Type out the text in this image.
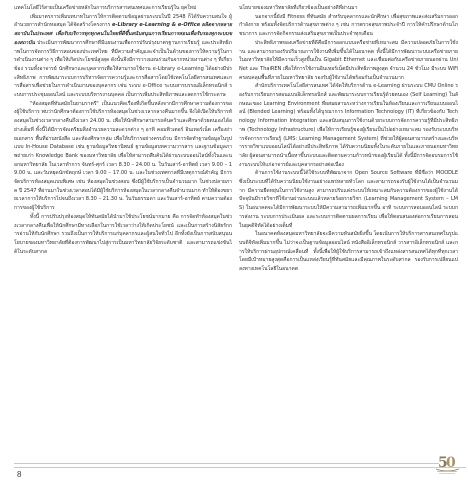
แทคโนโลยีไร้สายเป็นเครือข่ายหลักในการบริการสารสนเทศและการเรียนรู้ใน ยุคใหม่

เพิ่มมาตรการเพิ่มบทบาทในการให้การติดตามข้อมูลผ่านระบบในปี 2548 ก็ได้รับความสนใจ ผู้อำนวยการสำนักหอสมุด ได้จัดสร้างโครงการ e-Library e-Learning & e-Office ผลิตจากหลายสถาบันในประเทศ เพื่อรับบริการทุกทุกคนในไทยที่ดีขึ้นสนับสนุนการเรียนการสอนเพื่อรับรองทุกระบบของสถาบัน ประเมินการพัฒนาการศึกษาที่มีแผนงานเพื่อการปรับปรุงมาตรฐานการเรียนรู้ และประสิทธิภาพในการจัดการวิธีการสอนของประเทศไทย ที่มีความสำคัญและจำเป็นในด้านของการให้ความรู้ในการดำเนินงานต่าง ๆ เพื่อให้เกิดประโยชน์สูงสุด ดังนั้นจึงมีการวางแผนร่วมกันจากหน่วยงานต่าง ๆ ที่เกี่ยวข้อง รวมทั้งอาจารย์ นักศึกษาและบุคลากรเพื่อให้สามารถใช้งาน e-Library e-Learning ได้อย่างมีประสิทธิภาพ การพัฒนาระบบการบริหารจัดการความรู้และการสื่อสารโดยใช้เทคโนโลยีสารสนเทศและการสื่อสารเพื่อช่วยในการดำเนินงานของบุคลากร เช่น ระบบ e-Office ระบบสารบรรณอิเล็กทรอนิกส์ ระบบการประชุมออนไลน์ และระบบบริหารงานบุคคล เป็นการเพิ่มประสิทธิภาพและลดการใช้กระดาษ

"ห้องสมุดที่ทันสมัยในยามราตรี" เป็นแนวคิดเรื่องที่เกิดขึ้นหลังจากมีการศึกษาความต้องการของผู้ใช้บริการ พบว่านักศึกษาต้องการใช้บริการห้องสมุดในช่วงเวลากลางคืนมากขึ้น จึงได้เปิดให้บริการห้องสมุดในช่วงเวลากลางคืนถึงเวลา 24.00 น. เพื่อให้นักศึกษาสามารถค้นคว้าและศึกษาด้วยตนเองได้อย่างเต็มที่ ทั้งนี้ได้มีการจัดเตรียมสิ่งอำนวยความสะดวกต่าง ๆ อาทิ คอมพิวเตอร์ อินเทอร์เน็ต เครื่องถ่ายเอกสาร พื้นที่อ่านหนังสือ และห้องศึกษากลุ่ม เพื่อให้บริการอย่างครบถ้วน มีการจัดทำฐานข้อมูลในรูปแบบ In-House Database เช่น ฐานข้อมูลวิทยานิพนธ์ ฐานข้อมูลบทความวารสาร และฐานข้อมูลภาพถ่ายเก่า Knowledge Bank ของมหาวิทยาลัย เพื่อให้สามารถสืบค้นได้ผ่านระบบออนไลน์ทั้งในและนอกมหาวิทยาลัย ในเวลาทำการ จันทร์-ศุกร์ เวลา 8.30 – 24.00 น. ในวันเสาร์-อาทิตย์ เวลา 9.00 – 19.00 น. และวันหยุดนักขัตฤกษ์ เวลา 9.00 – 17.00 น. และในช่วงเทศกาลที่มีเหตุการณ์สำคัญ มีการจัดบริการห้องสมุดแบบพิเศษ เช่น ห้องสมุดในช่วงสอบ ซึ่งมีผู้ใช้บริการเป็นจำนวนมาก ในช่วงปลายภาค ปี 2547 ที่ผ่านมาในช่วงเวลาสอบได้มีผู้ใช้บริการห้องสมุดในเวลากลางคืนจำนวนมาก ทำให้ต้องขยายเวลาการให้บริการไปจนถึงเวลา 8.30 – 21.30 น. ในวันธรรมดา และวันเสาร์-อาทิตย์ ตามความต้องการของผู้ใช้บริการ

ทั้งนี้ การปรับปรุงห้องสมุดให้ทันสมัยได้นำมาใช้ประโยชน์มากมาย คือ การจัดทำห้องสมุดในช่วงเวลากลางคืนเพื่อให้นักศึกษามีทางเลือกในการใช้เวลาว่างให้เกิดประโยชน์ และเป็นการสร้างนิสัยรักการอ่านให้กับนักศึกษา รวมถึงเป็นการให้บริการแก่บุคลากรและผู้สนใจทั่วไป อีกทั้งยังเป็นการสนับสนุนนโยบายของมหาวิทยาลัยที่ต้องการพัฒนาไปสู่การเป็นมหาวิทยาลัยวิจัยระดับชาติ และสามารถแข่งขันได้ในระดับสากล

นโยบายของมหาวิทยาลัยที่เกี่ยวข้องเป็นอย่างดีที่ผ่านมา

นอกจากนี้ยังมี Fitness ที่ทันสมัย สำหรับบุคลากรและนักศึกษา เพื่อสุขภาพและส่งเสริมการออกกำลังกาย พร้อมทั้งจัดบริการด้านสุขภาพต่าง ๆ เช่น การตรวจสุขภาพประจำปี การให้คำปรึกษาด้านโภชนาการ และการจัดกิจกรรมส่งเสริมสุขภาพเป็นประจำทุกเดือน

ประสิทธิภาพของเครือข่ายที่ดีคือมีการออกแบบเครือข่ายที่เหมาะสม มีความปลอดภัยในการใช้งาน และสามารถรองรับปริมาณการใช้งานที่เพิ่มขึ้นได้ในอนาคต ทั้งนี้ได้มีการพัฒนาระบบเครือข่ายภายในมหาวิทยาลัยให้มีความเร็วสูงขึ้นเป็น Gigabit Ethernet และเชื่อมต่อกับเครือข่ายภายนอกผ่าน UniNet และ ThaiREN เพื่อให้การใช้งานอินเทอร์เน็ตมีประสิทธิภาพสูงสุด จำนวน 24 ชั่วโมง มีระบบ WiFi ครอบคลุมพื้นที่ภายในมหาวิทยาลัย รองรับผู้ใช้งานได้พร้อมกันเป็นจำนวนมาก

สำนักบริการเทคโนโลยีสารสนเทศ ได้จัดให้บริการด้าน e-Learning ผ่านระบบ CMU Online รองรับการเรียนการสอนแบบอิเล็กทรอนิกส์ และพัฒนาระบบการเรียนรู้ด้วยตนเอง (Self Learning) ในลักษณะของ Learning Environment ที่ผสมผสานระหว่างการเรียนในห้องเรียนและการเรียนแบบออนไลน์ (Blended Learning) พร้อมทั้งได้บูรณาการ Information Technology (IT) ที่เกี่ยวข้องกับ Technology Information Integration และสนับสนุนการใช้งานด้วยระบบการจัดการความรู้ที่มีประสิทธิภาพ (Technology Infrastructure) เพื่อให้การเรียนรู้ของผู้เรียนเป็นไปอย่างเหมาะสม รองรับระบบบริหารจัดการการเรียนรู้ (LMS: Learning Management System) ที่ช่วยให้ผู้สอนสามารถสร้างและบริหารรายวิชาแบบออนไลน์ได้อย่างมีประสิทธิภาพ ได้รับความนิยมทั้งในระดับภายในและภายนอกมหาวิทยาลัย ผู้สอนสามารถนำเนื้อหาขึ้นระบบและติดตามความก้าวหน้าของผู้เรียนได้ ทั้งนี้มีการจัดอบรมการใช้งานระบบให้แก่อาจารย์และบุคลากรอย่างต่อเนื่อง

ด้านการใช้งานระบบนี้ได้ใช้ระบบที่พัฒนาจาก Open Source Software ที่มีชื่อว่า MOODLE ซึ่งเป็นระบบที่ได้รับความนิยมใช้งานอย่างแพร่หลายทั่วโลก และสามารถรองรับผู้ใช้งานได้เป็นจำนวนมาก มีความยืดหยุ่นในการใช้งานสูง สามารถปรับแต่งระบบให้เหมาะสมกับความต้องการของผู้ใช้งานได้ ปัจจุบันมีรายวิชาที่ใช้งานผ่านระบบแล้วหลายร้อยรายวิชา (Learning Management System – LMS) ในอนาคตจะได้มีการพัฒนาระบบให้มีความสามารถเพิ่มมากขึ้น อาทิ ระบบการสอบออนไลน์ ระบบการส่งงาน ระบบการประเมินผล และระบบการติดตามผลการเรียน เพื่อให้ตอบสนองต่อการเรียนการสอนในยุคดิจิทัลได้อย่างเต็มที่

ในอนาคตห้องสมุดมหาวิทยาลัยจะมีความทันสมัยยิ่งขึ้น โดยเน้นการให้บริการสารสนเทศในรูปแบบดิจิทัลเพิ่มมากขึ้น ไม่ว่าจะเป็นฐานข้อมูลออนไลน์ หนังสืออิเล็กทรอนิกส์ วารสารอิเล็กทรอนิกส์ และการให้บริการผ่านอุปกรณ์เคลื่อนที่ ทั้งนี้เพื่อให้ผู้ใช้บริการสามารถเข้าถึงแหล่งสารสนเทศได้ทุกที่ทุกเวลา โดยมีเป้าหมายสูงสุดคือการเป็นแหล่งเรียนรู้ที่ทันสมัยและมีคุณภาพในระดับสากล รองรับการเปลี่ยนแปลงทางเทคโนโลยีในอนาคต

8
5
0
